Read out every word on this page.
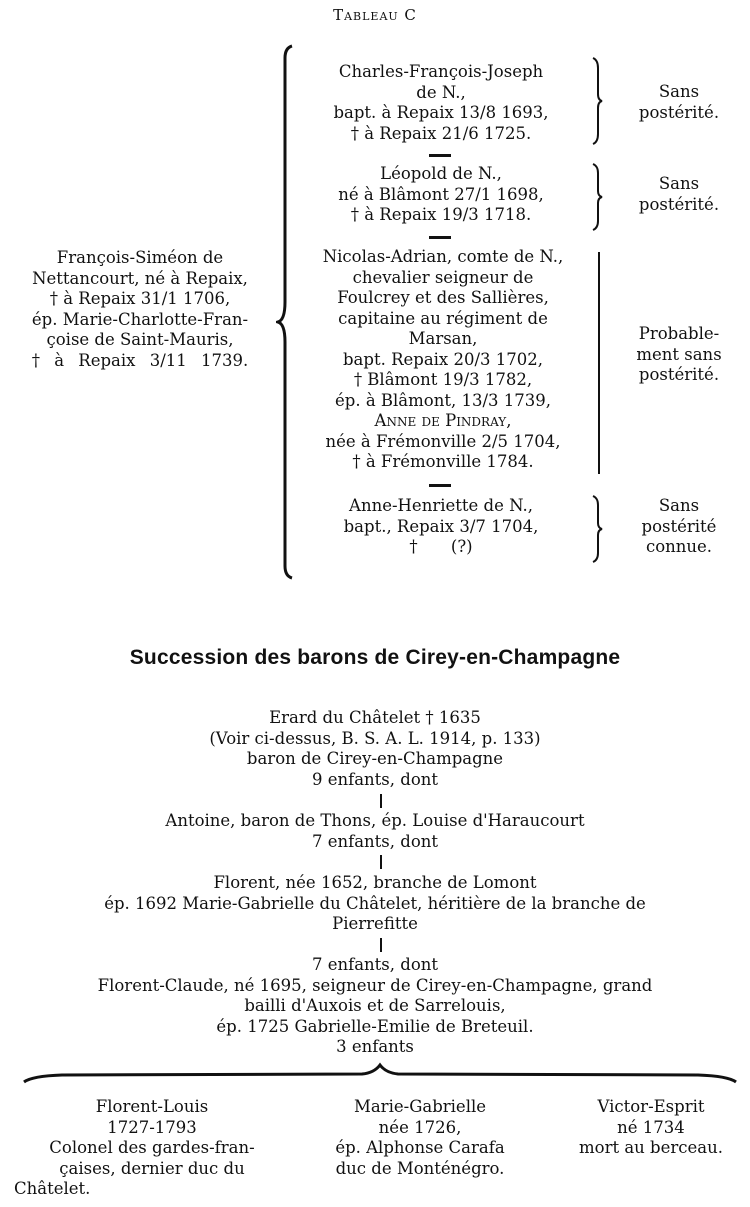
Tableau C
François-Siméon de
Nettancourt, né à Repaix,
† à Repaix 31/1 1706,
ép. Marie-Charlotte-Fran-
çoise de Saint-Mauris,
† à Repaix 3/11 1739.
Charles-François-Joseph
de N.,
bapt. à Repaix 13/8 1693,
† à Repaix 21/6 1725.
Sans
postérité.
Léopold de N.,
né à Blâmont 27/1 1698,
† à Repaix 19/3 1718.
Sans
postérité.
Nicolas-Adrian, comte de N.,
chevalier seigneur de
Foulcrey et des Sallières,
capitaine au régiment de
Marsan,
bapt. Repaix 20/3 1702,
† Blâmont 19/3 1782,
ép. à Blâmont, 13/3 1739,
Anne de Pindray,
née à Frémonville 2/5 1704,
† à Frémonville 1784.
Probable-
ment sans
postérité.
Anne-Henriette de N.,
bapt., Repaix 3/7 1704,
† (?)
Sans
postérité
connue.
Succession des barons de Cirey-en-Champagne
Erard du Châtelet † 1635
(Voir ci-dessus, B. S. A. L. 1914, p. 133)
baron de Cirey-en-Champagne
9 enfants, dont
Antoine, baron de Thons, ép. Louise d'Haraucourt
7 enfants, dont
Florent, née 1652, branche de Lomont
ép. 1692 Marie-Gabrielle du Châtelet, héritière de la branche de
Pierrefitte
7 enfants, dont
Florent-Claude, né 1695, seigneur de Cirey-en-Champagne, grand
bailli d'Auxois et de Sarrelouis,
ép. 1725 Gabrielle-Emilie de Breteuil.
3 enfants
Florent-Louis
1727-1793
Colonel des gardes-fran-
çaises, dernier duc du
Châtelet.
Marie-Gabrielle
née 1726,
ép. Alphonse Carafa
duc de Monténégro.
Victor-Esprit
né 1734
mort au berceau.
